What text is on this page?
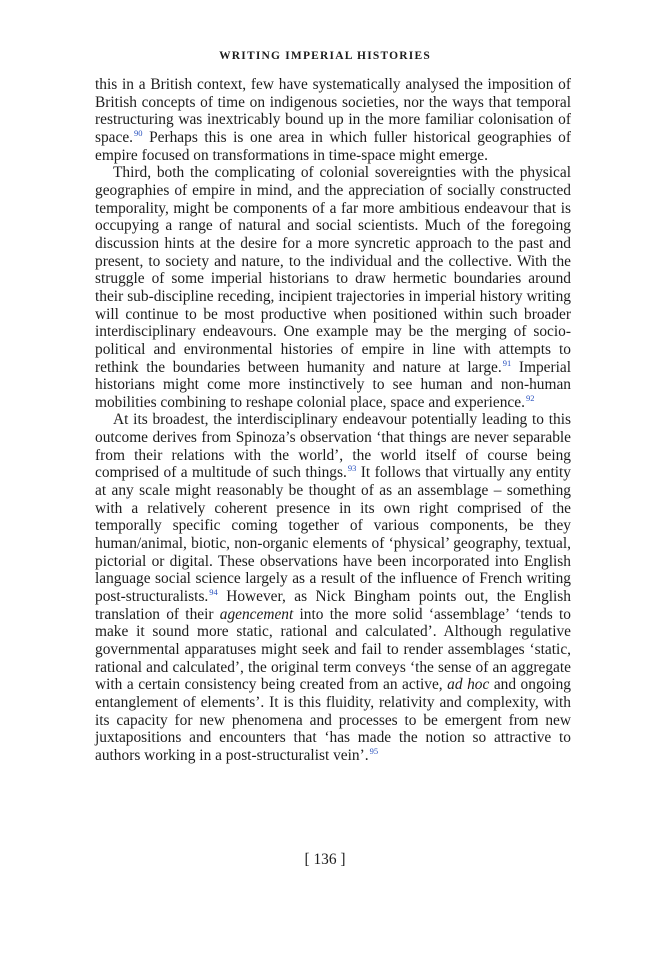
WRITING IMPERIAL HISTORIES

this in a British context, few have systematically analysed the imposition of British concepts of time on indigenous societies, nor the ways that temporal restructuring was inextricably bound up in the more familiar colonisation of space.$^{90}$ Perhaps this is one area in which fuller historical geographies of empire focused on transformations in time-space might emerge.

Third, both the complicating of colonial sovereignties with the physical geographies of empire in mind, and the appreciation of socially constructed temporality, might be components of a far more ambitious endeavour that is occupying a range of natural and social scientists. Much of the foregoing discussion hints at the desire for a more syncretic approach to the past and present, to society and nature, to the individual and the collective. With the struggle of some imperial historians to draw hermetic boundaries around their sub-discipline receding, incipient trajectories in imperial history writing will continue to be most productive when positioned within such broader interdisciplinary endeavours. One example may be the merging of socio-political and environmental histories of empire in line with attempts to rethink the boundaries between humanity and nature at large.$^{91}$ Imperial historians might come more instinctively to see human and non-human mobilities combining to reshape colonial place, space and experience.$^{92}$

At its broadest, the interdisciplinary endeavour potentially leading to this outcome derives from Spinoza’s observation ‘that things are never separable from their relations with the world’, the world itself of course being comprised of a multitude of such things.$^{93}$ It follows that virtually any entity at any scale might reasonably be thought of as an assemblage – something with a relatively coherent presence in its own right comprised of the temporally specific coming together of various components, be they human/animal, biotic, non-organic elements of ‘physical’ geography, textual, pictorial or digital. These observations have been incorporated into English language social science largely as a result of the influence of French writing post-structuralists.$^{94}$ However, as Nick Bingham points out, the English translation of their agencement into the more solid ‘assemblage’ ‘tends to make it sound more static, rational and calculated’. Although regulative governmental apparatuses might seek and fail to render assemblages ‘static, rational and calculated’, the original term conveys ‘the sense of an aggregate with a certain consistency being created from an active, ad hoc and ongoing entanglement of elements’. It is this fluidity, relativity and complexity, with its capacity for new phenomena and processes to be emergent from new juxtapositions and encounters that ‘has made the notion so attractive to authors working in a post-structuralist vein’.$^{95}$

[ 136 ]
